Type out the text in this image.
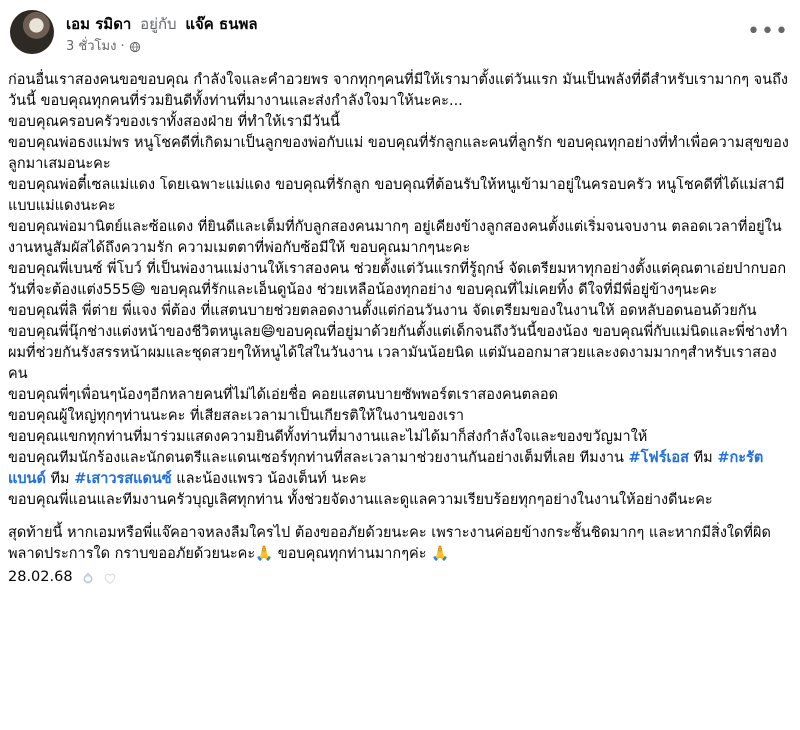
เอม รมิดา อยู่กับ แจ๊ค ธนพล
3 ชั่วโมง ·
•••

ก่อนอื่นเราสองคนขอขอบคุณ กำลังใจและคำอวยพร จากทุกๆคนที่มีให้เรามาตั้งแต่วันแรก มันเป็นพลังที่ดีสำหรับเรามากๆ จนถึงวันนี้ ขอบคุณทุกคนที่ร่วมยินดีทั้งท่านที่มางานและส่งกำลังใจมาให้นะคะ...

ขอบคุณครอบครัวของเราทั้งสองฝ่าย ที่ทำให้เรามีวันนี้

ขอบคุณพ่อธงแม่พร หนูโชคดีที่เกิดมาเป็นลูกของพ่อกับแม่ ขอบคุณที่รักลูกและคนที่ลูกรัก ขอบคุณทุกอย่างที่ทำเพื่อความสุขของลูกมาเสมอนะคะ

ขอบคุณพ่อตี๋เซลแม่แดง โดยเฉพาะแม่แดง ขอบคุณที่รักลูก ขอบคุณที่ต้อนรับให้หนูเข้ามาอยู่ในครอบครัว หนูโชคดีที่ได้แม่สามีแบบแม่แดงนะคะ

ขอบคุณพ่อมานิตย์และซ้อแดง ที่ยินดีและเต็มที่กับลูกสองคนมากๆ อยู่เคียงข้างลูกสองคนตั้งแต่เริ่มจนจบงาน ตลอดเวลาที่อยู่ในงานหนูสัมผัสได้ถึงความรัก ความเมตตาที่พ่อกับซ้อมีให้ ขอบคุณมากๆนะคะ

ขอบคุณพี่เบนซ์ พี่โบว์ ที่เป็นพ่องานแม่งานให้เราสองคน ช่วยตั้งแต่วันแรกที่รู้ฤกษ์ จัดเตรียมหาทุกอย่างตั้งแต่คุณตาเอ่ยปากบอกวันที่จะต้องแต่ง555😄 ขอบคุณที่รักและเอ็นดูน้อง ช่วยเหลือน้องทุกอย่าง ขอบคุณที่ไม่เคยทิ้ง ดีใจที่มีพี่อยู่ข้างๆนะคะ

ขอบคุณพี่ลิ พี่ต่าย พี่แจง พี่ต้อง ที่แสตนบายช่วยตลอดงานตั้งแต่ก่อนวันงาน จัดเตรียมของในงานให้ อดหลับอดนอนด้วยกัน

ขอบคุณพี่นุ๊กช่างแต่งหน้าของชีวิตหนูเลย😄ขอบคุณที่อยู่มาด้วยกันตั้งแต่เด็กจนถึงวันนี้ของน้อง ขอบคุณพี่กับแม่นิดและพี่ช่างทำผมที่ช่วยกันรังสรรหน้าผมและชุดสวยๆให้หนูได้ใส่ในวันงาน เวลามันน้อยนิด แต่มันออกมาสวยและงดงามมากๆสำหรับเราสองคน

ขอบคุณพี่ๆเพื่อนๆน้องๆอีกหลายคนที่ไม่ได้เอ่ยชื่อ คอยแสตนบายซัพพอร์ตเราสองคนตลอด

ขอบคุณผู้ใหญ่ทุกๆท่านนะคะ ที่เสียสละเวลามาเป็นเกียรติให้ในงานของเรา

ขอบคุณแขกทุกท่านที่มาร่วมแสดงความยินดีทั้งท่านที่มางานและไม่ได้มาก็ส่งกำลังใจและของขวัญมาให้

ขอบคุณทีมนักร้องและนักดนตรีและแดนเซอร์ทุกท่านที่สละเวลามาช่วยงานกันอย่างเต็มที่เลย ทีมงาน #โฟร์เอส ทีม #กะรัตแบนด์ ทีม #เสาวรสแดนซ์ และน้องแพรว น้องเต็นท์ นะคะ

ขอบคุณพี่แอนและทีมงานครัวบุญเลิศทุกท่าน ทั้งช่วยจัดงานและดูแลความเรียบร้อยทุกๆอย่างในงานให้อย่างดีนะคะ

สุดท้ายนี้ หากเอมหรือพี่แจ๊คอาจหลงลืมใครไป ต้องขออภัยด้วยนะคะ เพราะงานค่อยข้างกระชั้นชิดมากๆ และหากมีสิ่งใดที่ผิดพลาดประการใด กราบขออภัยด้วยนะคะ🙏 ขอบคุณทุกท่านมากๆค่ะ 🙏

28.02.68
